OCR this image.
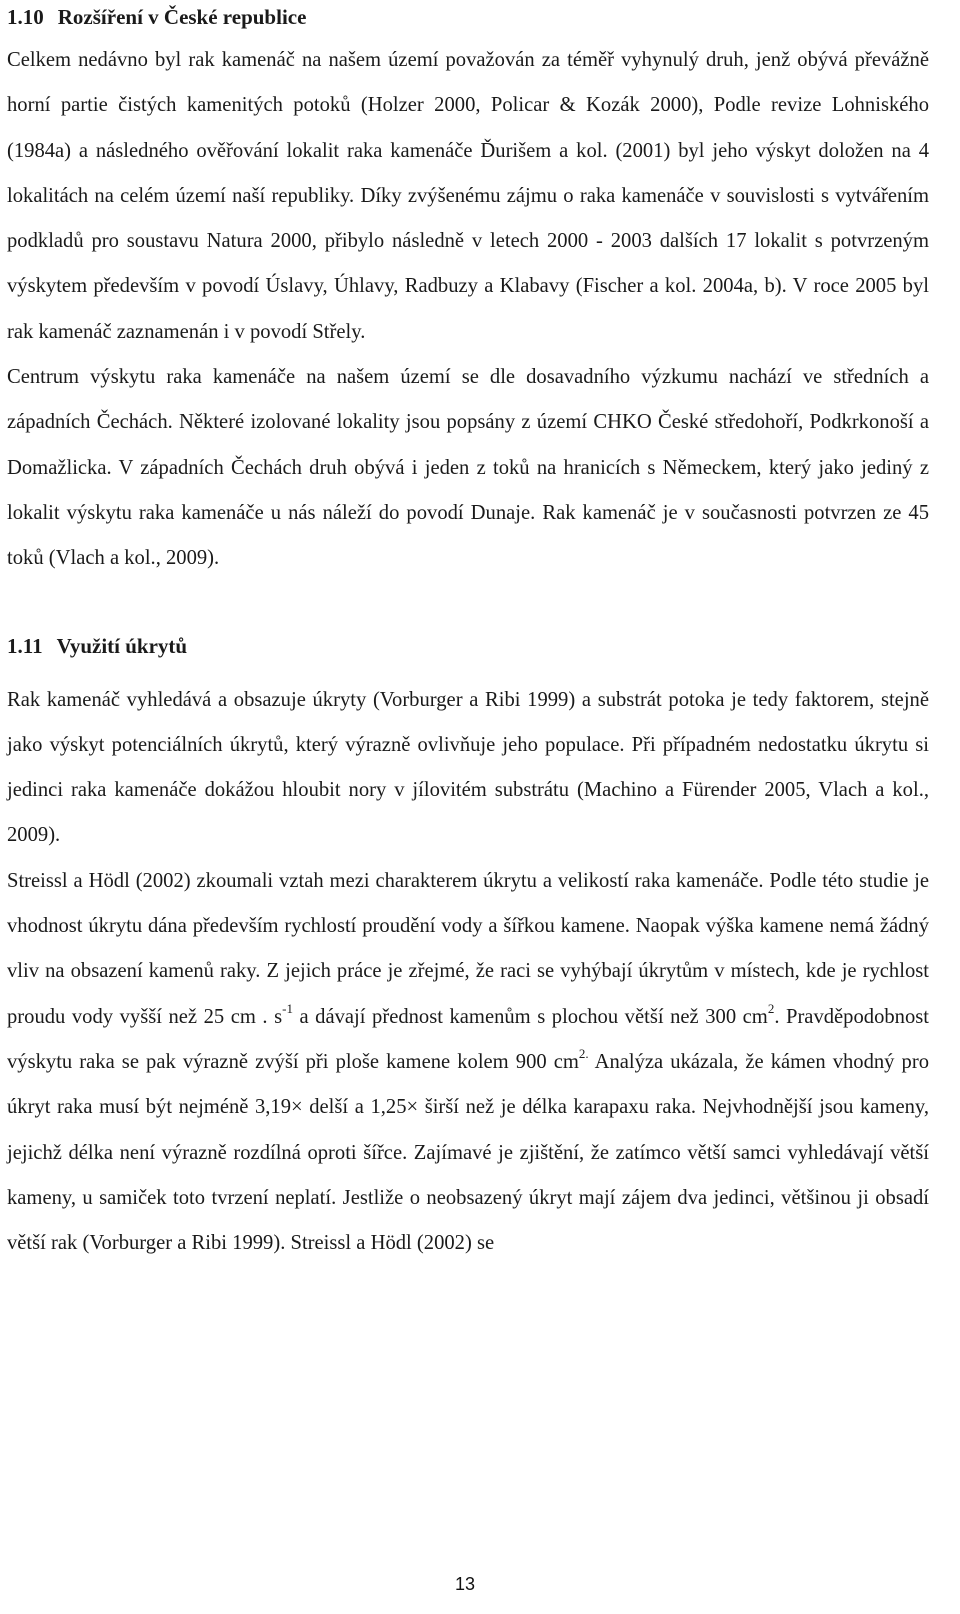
1.10 Rozšíření v České republice

Celkem nedávno byl rak kamenáč na našem území považován za téměř vyhynulý druh, jenž obývá převážně horní partie čistých kamenitých potoků (Holzer 2000, Policar & Kozák 2000), Podle revize Lohniského (1984a) a následného ověřování lokalit raka kamenáče Ďurišem a kol. (2001) byl jeho výskyt doložen na 4 lokalitách na celém území naší republiky. Díky zvýšenému zájmu o raka kamenáče v souvislosti s vytvářením podkladů pro soustavu Natura 2000, přibylo následně v letech 2000 - 2003 dalších 17 lokalit s potvrzeným výskytem především v povodí Úslavy, Úhlavy, Radbuzy a Klabavy (Fischer a kol. 2004a, b). V roce 2005 byl rak kamenáč zaznamenán i v povodí Střely.

Centrum výskytu raka kamenáče na našem území se dle dosavadního výzkumu nachází ve středních a západních Čechách. Některé izolované lokality jsou popsány z území CHKO České středohoří, Podkrkonoší a Domažlicka. V západních Čechách druh obývá i jeden z toků na hranicích s Německem, který jako jediný z lokalit výskytu raka kamenáče u nás náleží do povodí Dunaje. Rak kamenáč je v současnosti potvrzen ze 45 toků (Vlach a kol., 2009).

1.11 Využití úkrytů

Rak kamenáč vyhledává a obsazuje úkryty (Vorburger a Ribi 1999) a substrát potoka je tedy faktorem, stejně jako výskyt potenciálních úkrytů, který výrazně ovlivňuje jeho populace. Při případném nedostatku úkrytu si jedinci raka kamenáče dokážou hloubit nory v jílovitém substrátu (Machino a Fürender 2005, Vlach a kol., 2009).

Streissl a Hödl (2002) zkoumali vztah mezi charakterem úkrytu a velikostí raka kamenáče. Podle této studie je vhodnost úkrytu dána především rychlostí proudění vody a šířkou kamene. Naopak výška kamene nemá žádný vliv na obsazení kamenů raky. Z jejich práce je zřejmé, že raci se vyhýbají úkrytům v místech, kde je rychlost proudu vody vyšší než 25 cm . $s^{-1}$ a dávají přednost kamenům s plochou větší než 300 $cm^2$. Pravděpodobnost výskytu raka se pak výrazně zvýší při ploše kamene kolem 900 $cm^{2.}$ Analýza ukázala, že kámen vhodný pro úkryt raka musí být nejméně 3,19× delší a 1,25× širší než je délka karapaxu raka. Nejvhodnější jsou kameny, jejichž délka není výrazně rozdílná oproti šířce. Zajímavé je zjištění, že zatímco větší samci vyhledávají větší kameny, u samiček toto tvrzení neplatí. Jestliže o neobsazený úkryt mají zájem dva jedinci, většinou ji obsadí větší rak (Vorburger a Ribi 1999). Streissl a Hödl (2002) se

13
